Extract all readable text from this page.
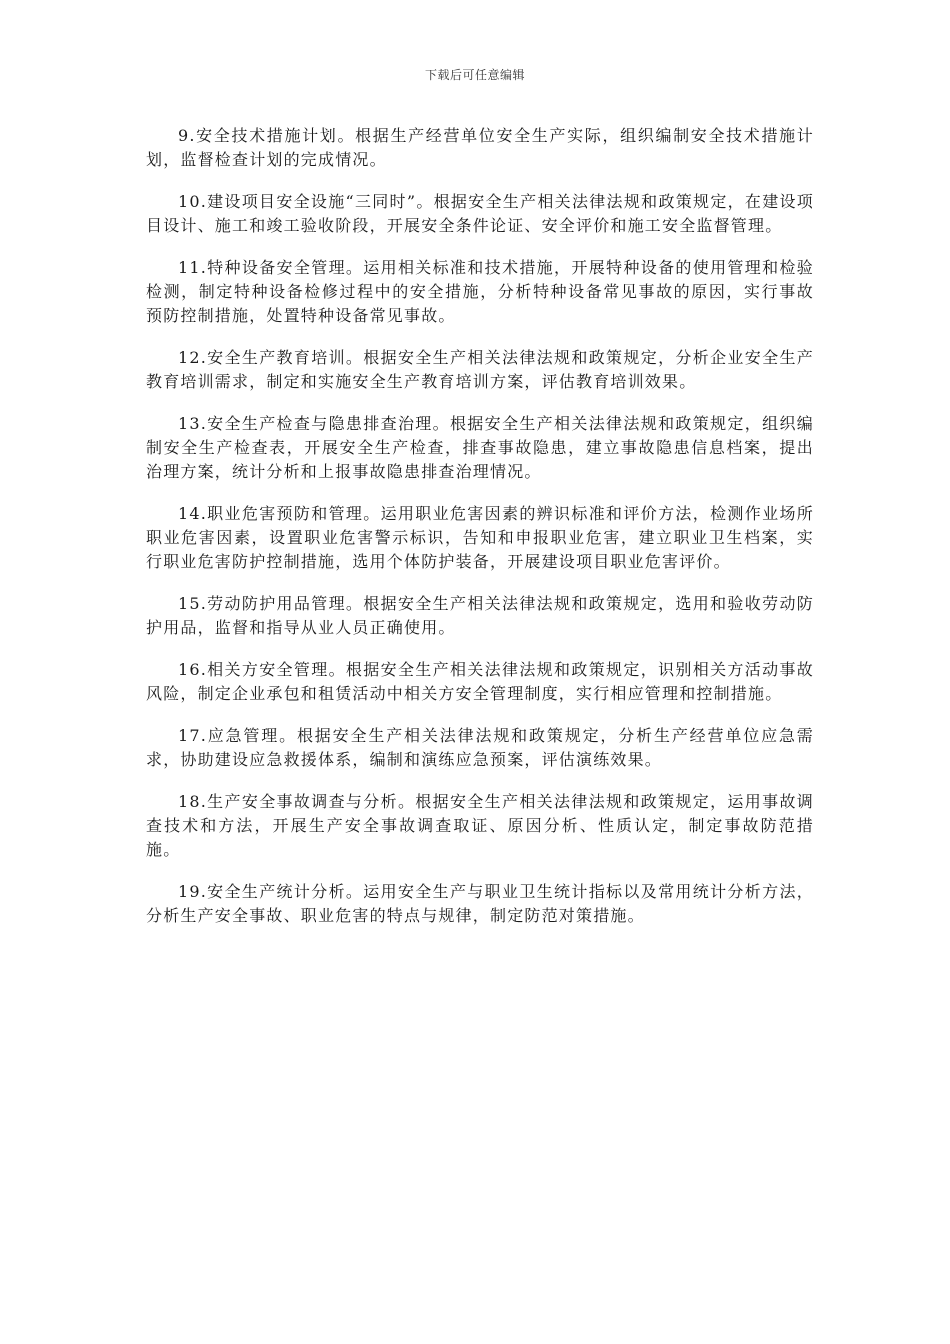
下载后可任意编辑

9.安全技术措施计划。根据生产经营单位安全生产实际，组织编制安全技术措施计划，监督检查计划的完成情况。

10.建设项目安全设施“三同时”。根据安全生产相关法律法规和政策规定，在建设项目设计、施工和竣工验收阶段，开展安全条件论证、安全评价和施工安全监督管理。

11.特种设备安全管理。运用相关标准和技术措施，开展特种设备的使用管理和检验检测，制定特种设备检修过程中的安全措施，分析特种设备常见事故的原因，实行事故预防控制措施，处置特种设备常见事故。

12.安全生产教育培训。根据安全生产相关法律法规和政策规定，分析企业安全生产教育培训需求，制定和实施安全生产教育培训方案，评估教育培训效果。

13.安全生产检查与隐患排查治理。根据安全生产相关法律法规和政策规定，组织编制安全生产检查表，开展安全生产检查，排查事故隐患，建立事故隐患信息档案，提出治理方案，统计分析和上报事故隐患排查治理情况。

14.职业危害预防和管理。运用职业危害因素的辨识标准和评价方法，检测作业场所职业危害因素，设置职业危害警示标识，告知和申报职业危害，建立职业卫生档案，实行职业危害防护控制措施，选用个体防护装备，开展建设项目职业危害评价。

15.劳动防护用品管理。根据安全生产相关法律法规和政策规定，选用和验收劳动防护用品，监督和指导从业人员正确使用。

16.相关方安全管理。根据安全生产相关法律法规和政策规定，识别相关方活动事故风险，制定企业承包和租赁活动中相关方安全管理制度，实行相应管理和控制措施。

17.应急管理。根据安全生产相关法律法规和政策规定，分析生产经营单位应急需求，协助建设应急救援体系，编制和演练应急预案，评估演练效果。

18.生产安全事故调查与分析。根据安全生产相关法律法规和政策规定，运用事故调查技术和方法，开展生产安全事故调查取证、原因分析、性质认定，制定事故防范措施。

19.安全生产统计分析。运用安全生产与职业卫生统计指标以及常用统计分析方法，分析生产安全事故、职业危害的特点与规律，制定防范对策措施。
